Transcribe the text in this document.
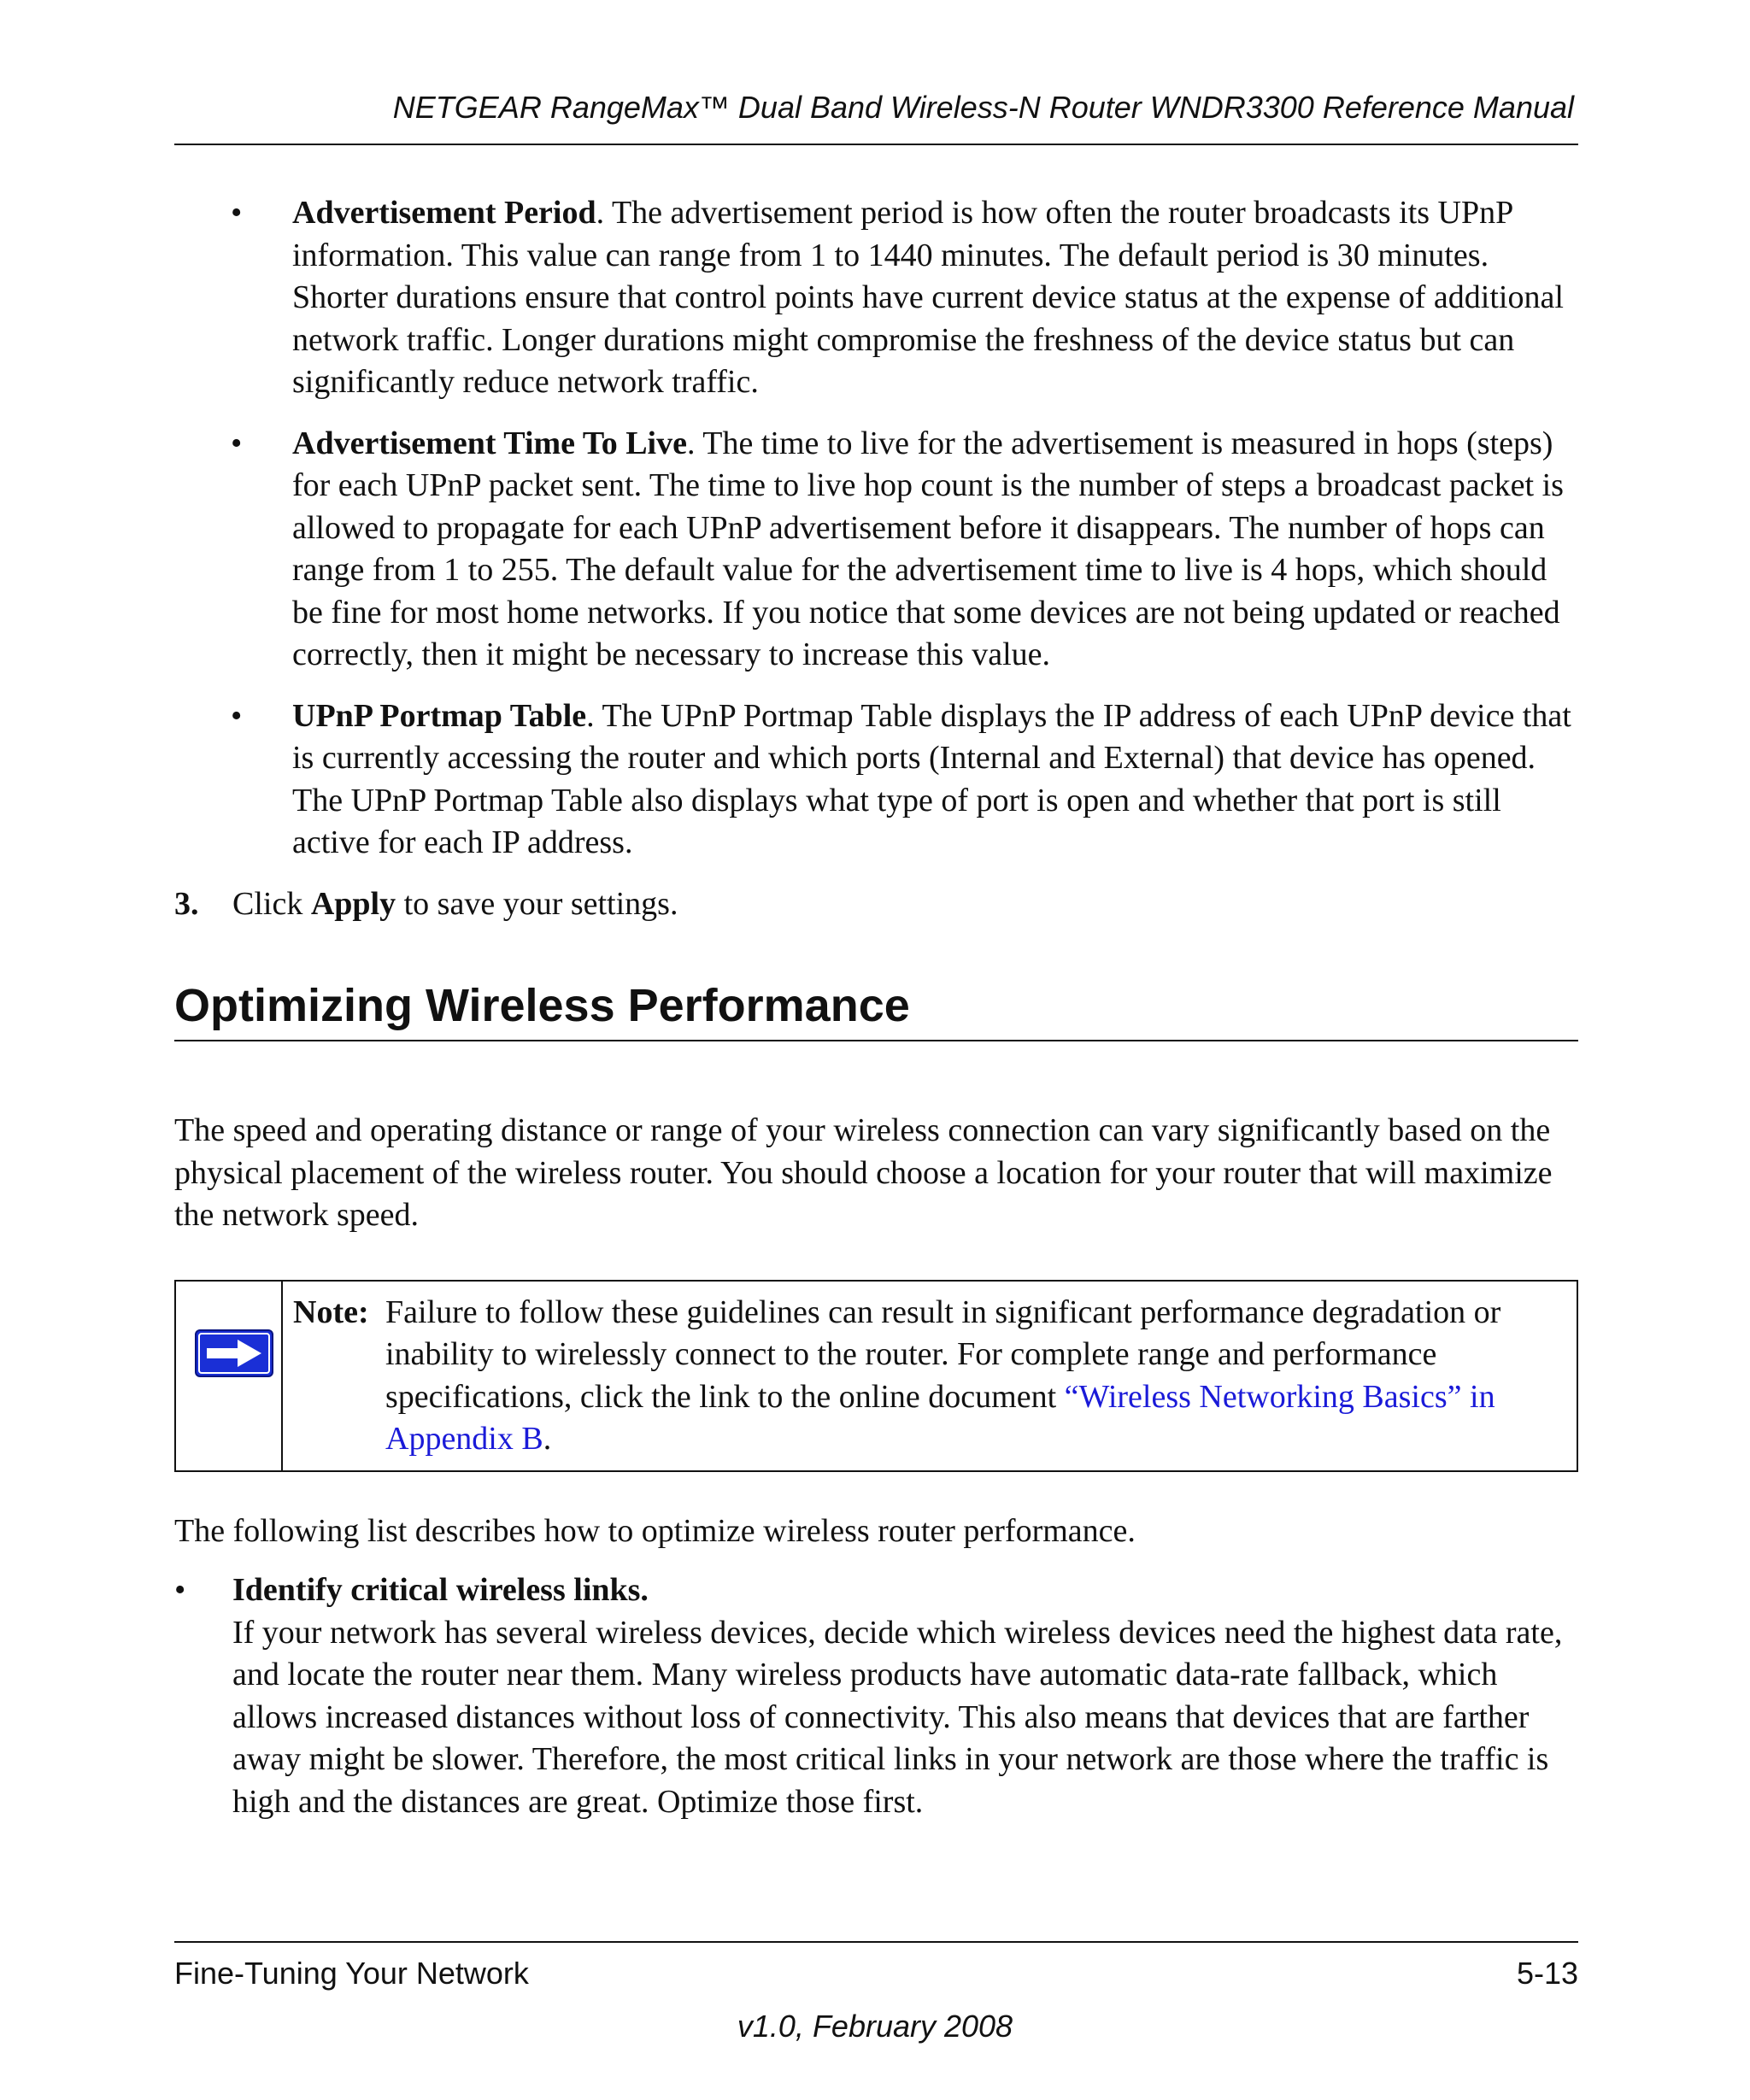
NETGEAR RangeMax™ Dual Band Wireless-N Router WNDR3300 Reference Manual
• Advertisement Period. The advertisement period is how often the router broadcasts its UPnP information. This value can range from 1 to 1440 minutes. The default period is 30 minutes. Shorter durations ensure that control points have current device status at the expense of additional network traffic. Longer durations might compromise the freshness of the device status but can significantly reduce network traffic.
• Advertisement Time To Live. The time to live for the advertisement is measured in hops (steps) for each UPnP packet sent. The time to live hop count is the number of steps a broadcast packet is allowed to propagate for each UPnP advertisement before it disappears. The number of hops can range from 1 to 255. The default value for the advertisement time to live is 4 hops, which should be fine for most home networks. If you notice that some devices are not being updated or reached correctly, then it might be necessary to increase this value.
• UPnP Portmap Table. The UPnP Portmap Table displays the IP address of each UPnP device that is currently accessing the router and which ports (Internal and External) that device has opened. The UPnP Portmap Table also displays what type of port is open and whether that port is still active for each IP address.
3. Click Apply to save your settings.
Optimizing Wireless Performance
The speed and operating distance or range of your wireless connection can vary significantly based on the physical placement of the wireless router. You should choose a location for your router that will maximize the network speed.
Note: Failure to follow these guidelines can result in significant performance degradation or inability to wirelessly connect to the router. For complete range and performance specifications, click the link to the online document “Wireless Networking Basics” in Appendix B.
The following list describes how to optimize wireless router performance.
• Identify critical wireless links.
If your network has several wireless devices, decide which wireless devices need the highest data rate, and locate the router near them. Many wireless products have automatic data-rate fallback, which allows increased distances without loss of connectivity. This also means that devices that are farther away might be slower. Therefore, the most critical links in your network are those where the traffic is high and the distances are great. Optimize those first.
Fine-Tuning Your Network	5-13
v1.0, February 2008
